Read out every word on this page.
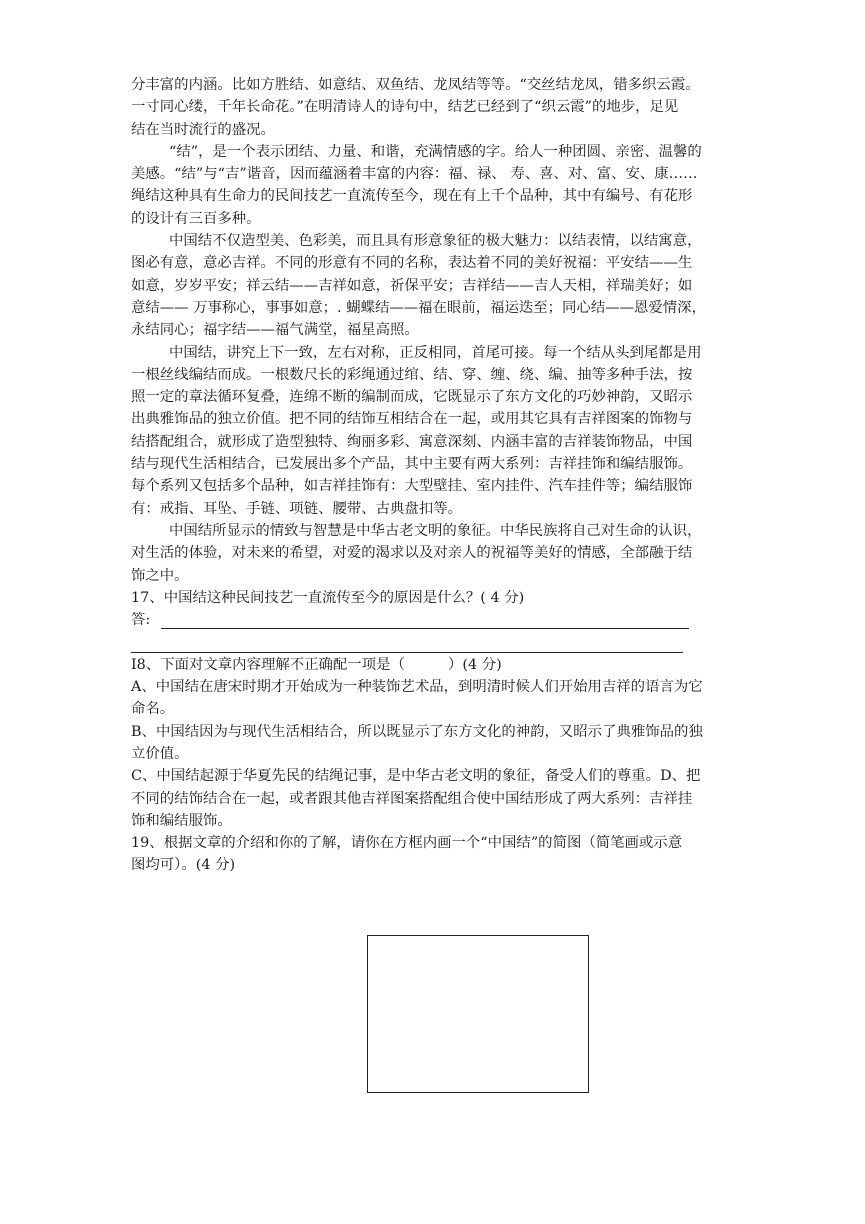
分丰富的内涵。比如方胜结、如意结、双鱼结、龙凤结等等。“交丝结龙凤，错多织云霞。
一寸同心缕，千年长命花。”在明清诗人的诗句中，结艺已经到了“织云霞”的地步，足见
结在当时流行的盛况。
“结”，是一个表示团结、力量、和谐，充满情感的字。给人一种团圆、亲密、温馨的
美感。“结”与“吉”谐音，因而蕴涵着丰富的内容：福、禄、 寿、喜、对、富、安、康……
绳结这种具有生命力的民间技艺一直流传至今，现在有上千个品种，其中有编号、有花形
的设计有三百多种。
中国结不仅造型美、色彩美，而且具有形意象征的极大魅力：以结表情，以结寓意，
图必有意，意必吉祥。不同的形意有不同的名称，表达着不同的美好祝福：平安结——生
如意，岁岁平安；祥云结——吉祥如意，祈保平安；吉祥结——吉人天相，祥瑞美好；如
意结—— 万事称心，事事如意；. 蝴蝶结——福在眼前，福运迭至；同心结——恩爱情深，
永结同心；福字结——福气满堂，福星高照。
中国结，讲究上下一致，左右对称，正反相同，首尾可接。每一个结从头到尾都是用
一根丝线编结而成。一根数尺长的彩绳通过绾、结、穿、缠、绕、编、抽等多种手法，按
照一定的章法循环复叠，连绵不断的编制而成，它既显示了东方文化的巧妙神韵，又昭示
出典雅饰品的独立价值。把不同的结饰互相结合在一起，或用其它具有吉祥图案的饰物与
结搭配组合，就形成了造型独特、绚丽多彩、寓意深刻、内涵丰富的吉祥装饰物品，中国
结与现代生活相结合，已发展出多个产品，其中主要有两大系列：吉祥挂饰和编结服饰。
每个系列又包括多个品种，如吉祥挂饰有：大型壁挂、室内挂件、汽车挂件等；编结服饰
有：戒指、耳坠、手链、项链、腰带、古典盘扣等。
中国结所显示的情致与智慧是中华古老文明的象征。中华民族将自己对生命的认识，
对生活的体验，对未来的希望，对爱的渴求以及对亲人的祝福等美好的情感，全部融于结
饰之中。
17、中国结这种民间技艺一直流传至今的原因是什么？( 4 分)
答:
I8、下面对文章内容理解不正确配一项是（　　　）(4 分)
A、中国结在唐宋时期才开始成为一种装饰艺术品，到明清时候人们开始用吉祥的语言为它
命名。
B、中国结因为与现代生活相结合，所以既显示了东方文化的神韵，又昭示了典雅饰品的独
立价值。
C、中国结起源于华夏先民的结绳记事，是中华古老文明的象征，备受人们的尊重。D、把
不同的结饰结合在一起，或者跟其他吉祥图案搭配组合使中国结形成了两大系列：吉祥挂
饰和编结服饰。
19、根据文章的介绍和你的了解，请你在方框内画一个“中国结”的简图（简笔画或示意
图均可）。(4 分)
